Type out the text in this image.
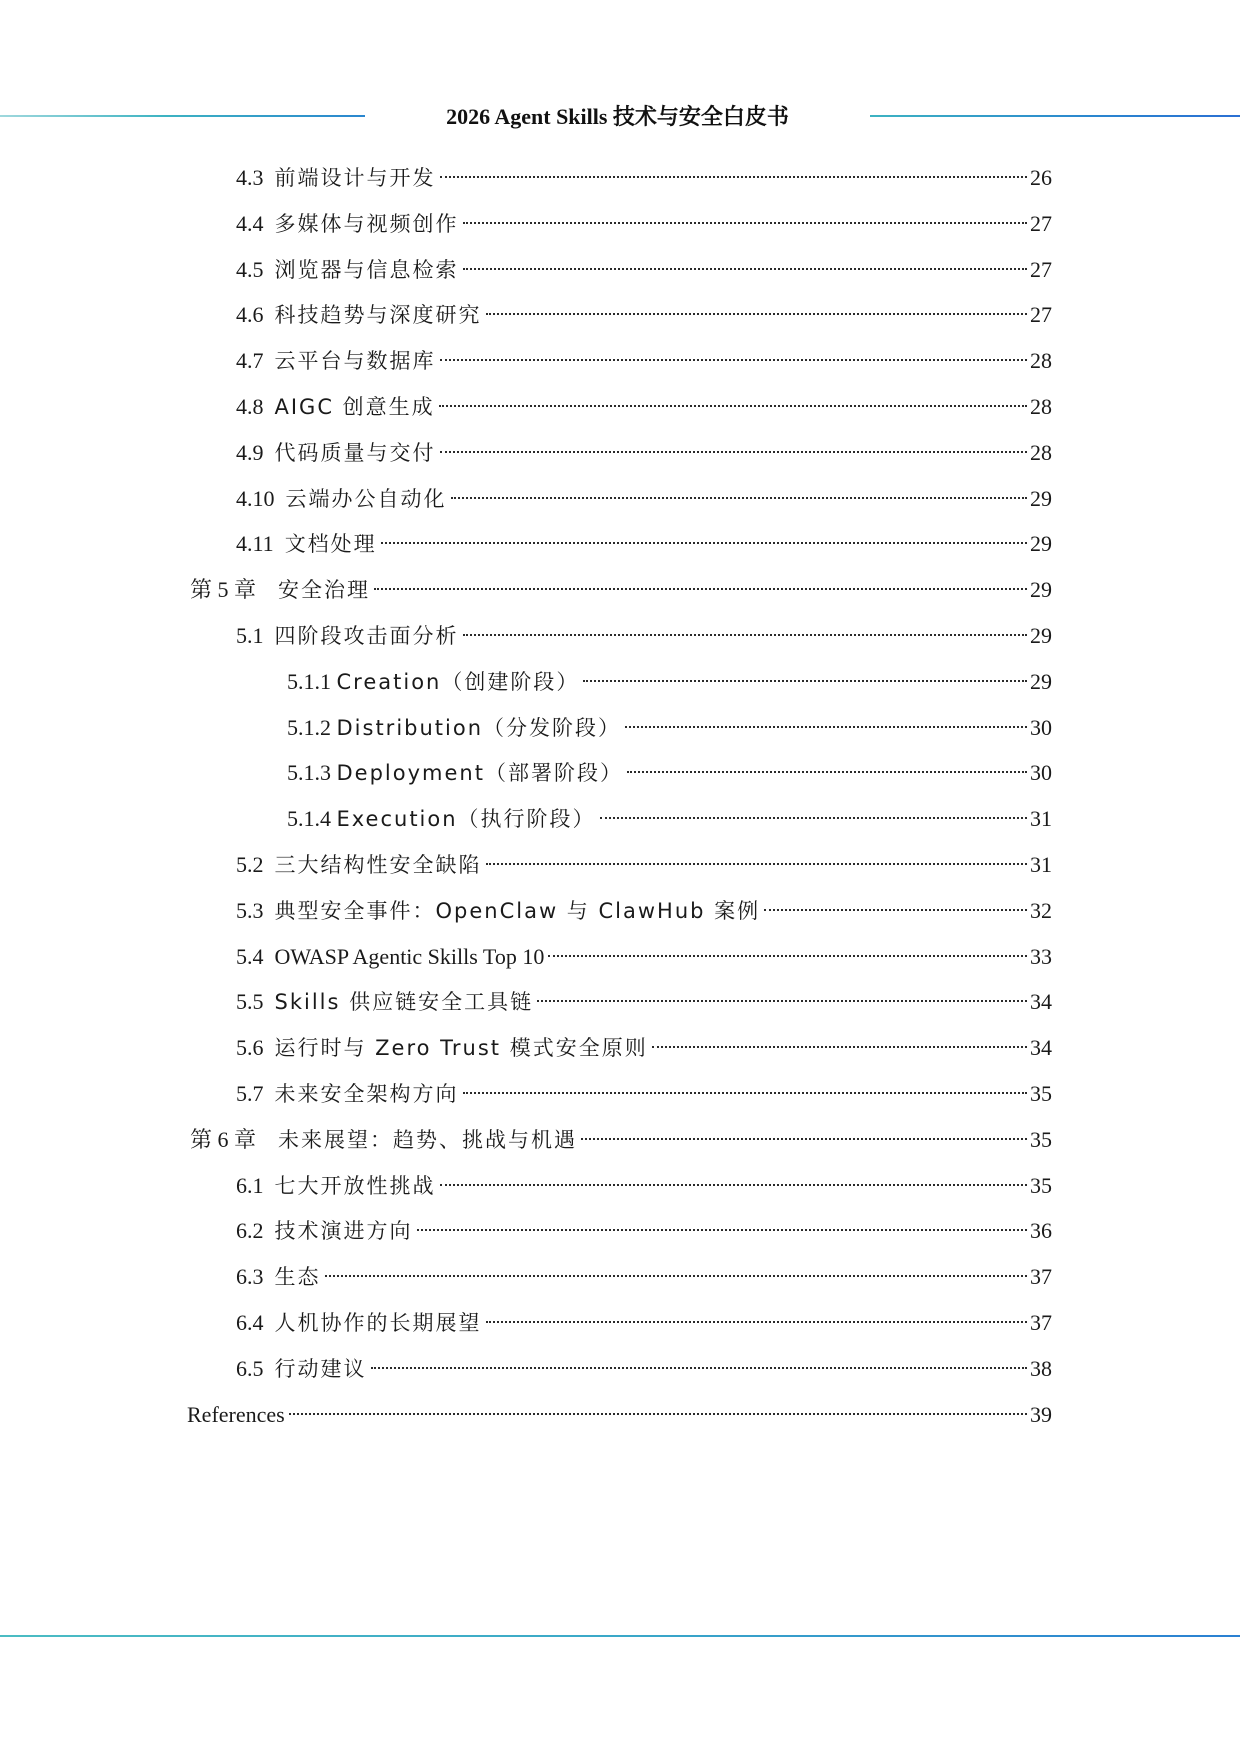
2026 Agent Skills 技术与安全白皮书
4.3 前端设计与开发	26
4.4 多媒体与视频创作	27
4.5 浏览器与信息检索	27
4.6 科技趋势与深度研究	27
4.7 云平台与数据库	28
4.8 AIGC 创意生成	28
4.9 代码质量与交付	28
4.10 云端办公自动化	29
4.11 文档处理	29
第 5 章 安全治理	29
5.1 四阶段攻击面分析	29
5.1.1 Creation（创建阶段）	29
5.1.2 Distribution（分发阶段）	30
5.1.3 Deployment（部署阶段）	30
5.1.4 Execution（执行阶段）	31
5.2 三大结构性安全缺陷	31
5.3 典型安全事件：OpenClaw 与 ClawHub 案例	32
5.4 OWASP Agentic Skills Top 10	33
5.5 Skills 供应链安全工具链	34
5.6 运行时与 Zero Trust 模式安全原则	34
5.7 未来安全架构方向	35
第 6 章 未来展望：趋势、挑战与机遇	35
6.1 七大开放性挑战	35
6.2 技术演进方向	36
6.3 生态	37
6.4 人机协作的长期展望	37
6.5 行动建议	38
References	39
